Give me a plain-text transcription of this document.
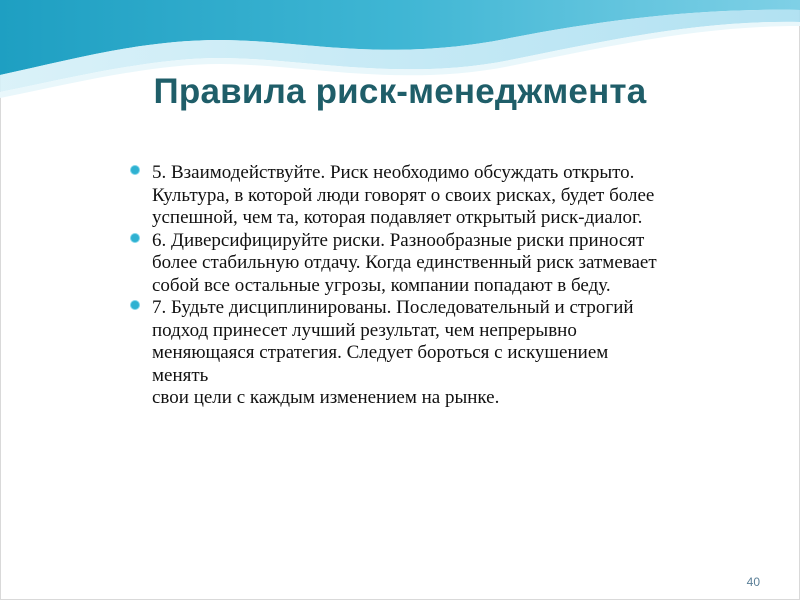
Правила риск-менеджмента
5. Взаимодействуйте. Риск необходимо обсуждать открыто.
Культура, в которой люди говорят о своих рисках, будет более
успешной, чем та, которая подавляет открытый риск-диалог.
6. Диверсифицируйте риски. Разнообразные риски приносят
более стабильную отдачу. Когда единственный риск затмевает
собой все остальные угрозы, компании попадают в беду.
7. Будьте дисциплинированы. Последовательный и строгий
подход принесет лучший результат, чем непрерывно
меняющаяся стратегия. Следует бороться с искушением
менять
свои цели с каждым изменением на рынке.
40
